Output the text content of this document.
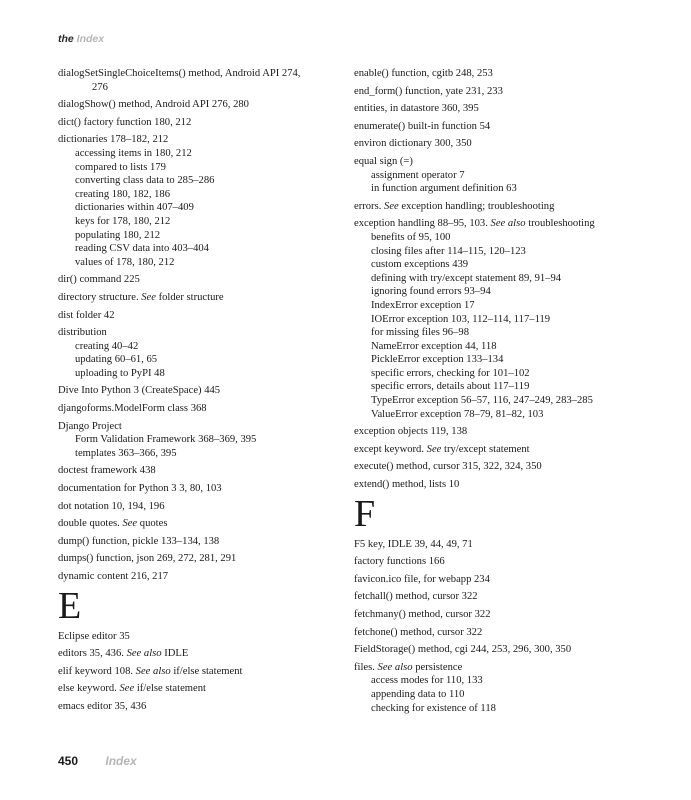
the Index
dialogSetSingleChoiceItems() method, Android API 274,
276
dialogShow() method, Android API 276, 280
dict() factory function 180, 212
dictionaries 178–182, 212
accessing items in 180, 212
compared to lists 179
converting class data to 285–286
creating 180, 182, 186
dictionaries within 407–409
keys for 178, 180, 212
populating 180, 212
reading CSV data into 403–404
values of 178, 180, 212
dir() command 225
directory structure. See folder structure
dist folder 42
distribution
creating 40–42
updating 60–61, 65
uploading to PyPI 48
Dive Into Python 3 (CreateSpace) 445
djangoforms.ModelForm class 368
Django Project
Form Validation Framework 368–369, 395
templates 363–366, 395
doctest framework 438
documentation for Python 3 3, 80, 103
dot notation 10, 194, 196
double quotes. See quotes
dump() function, pickle 133–134, 138
dumps() function, json 269, 272, 281, 291
dynamic content 216, 217
E
Eclipse editor 35
editors 35, 436. See also IDLE
elif keyword 108. See also if/else statement
else keyword. See if/else statement
emacs editor 35, 436
enable() function, cgitb 248, 253
end_form() function, yate 231, 233
entities, in datastore 360, 395
enumerate() built-in function 54
environ dictionary 300, 350
equal sign (=)
assignment operator 7
in function argument definition 63
errors. See exception handling; troubleshooting
exception handling 88–95, 103. See also troubleshooting
benefits of 95, 100
closing files after 114–115, 120–123
custom exceptions 439
defining with try/except statement 89, 91–94
ignoring found errors 93–94
IndexError exception 17
IOError exception 103, 112–114, 117–119
for missing files 96–98
NameError exception 44, 118
PickleError exception 133–134
specific errors, checking for 101–102
specific errors, details about 117–119
TypeError exception 56–57, 116, 247–249, 283–285
ValueError exception 78–79, 81–82, 103
exception objects 119, 138
except keyword. See try/except statement
execute() method, cursor 315, 322, 324, 350
extend() method, lists 10
F
F5 key, IDLE 39, 44, 49, 71
factory functions 166
favicon.ico file, for webapp 234
fetchall() method, cursor 322
fetchmany() method, cursor 322
fetchone() method, cursor 322
FieldStorage() method, cgi 244, 253, 296, 300, 350
files. See also persistence
access modes for 110, 133
appending data to 110
checking for existence of 118
450 Index
